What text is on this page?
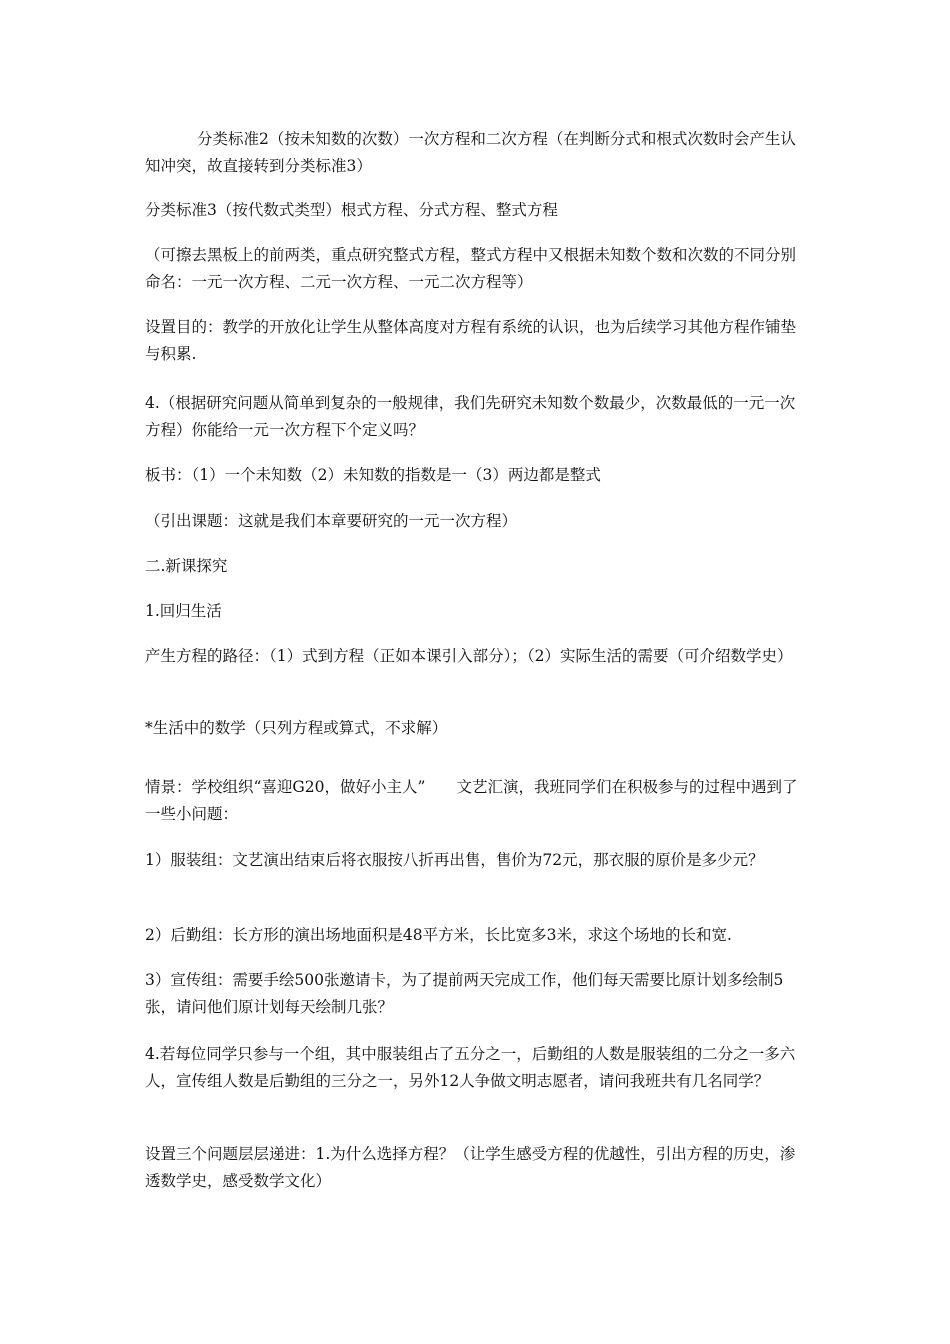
分类标准2（按未知数的次数）一次方程和二次方程（在判断分式和根式次数时会产生认知冲突，故直接转到分类标准3）

分类标准3（按代数式类型）根式方程、分式方程、整式方程

（可擦去黑板上的前两类，重点研究整式方程，整式方程中又根据未知数个数和次数的不同分别命名：一元一次方程、二元一次方程、一元二次方程等）

设置目的：教学的开放化让学生从整体高度对方程有系统的认识，也为后续学习其他方程作铺垫与积累.

4.（根据研究问题从简单到复杂的一般规律，我们先研究未知数个数最少，次数最低的一元一次方程）你能给一元一次方程下个定义吗？

板书：（1）一个未知数（2）未知数的指数是一（3）两边都是整式

（引出课题：这就是我们本章要研究的一元一次方程）

二.新课探究

1.回归生活

产生方程的路径：（1）式到方程（正如本课引入部分）；（2）实际生活的需要（可介绍数学史）

*生活中的数学（只列方程或算式，不求解）

情景：学校组织“喜迎G20，做好小主人”　　文艺汇演，我班同学们在积极参与的过程中遇到了一些小问题：

1）服装组：文艺演出结束后将衣服按八折再出售，售价为72元，那衣服的原价是多少元？

2）后勤组：长方形的演出场地面积是48平方米，长比宽多3米，求这个场地的长和宽.

3）宣传组：需要手绘500张邀请卡，为了提前两天完成工作，他们每天需要比原计划多绘制5张，请问他们原计划每天绘制几张？

4.若每位同学只参与一个组，其中服装组占了五分之一，后勤组的人数是服装组的二分之一多六人，宣传组人数是后勤组的三分之一，另外12人争做文明志愿者，请问我班共有几名同学？

设置三个问题层层递进：1.为什么选择方程？（让学生感受方程的优越性，引出方程的历史，渗透数学史，感受数学文化）
